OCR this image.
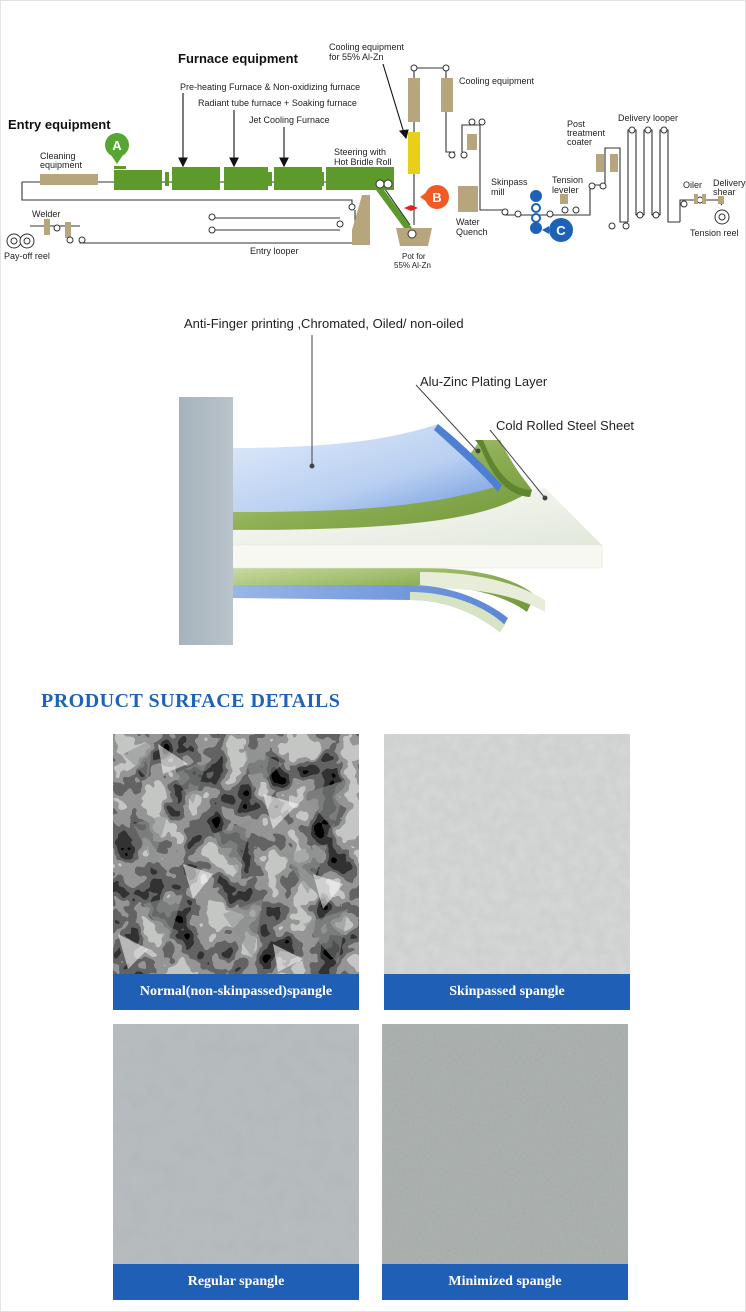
A
B
C
Entry equipment
Furnace equipment
Cleaning
equipment
Welder
Pay-off reel	Entry looper
Pre-heating Furnace & Non-oxidizing furnace
Radiant tube furnace + Soaking furnace
Jet Cooling Furnace
Steering with
Hot Bridle Roll
Cooling equipment
for 55% Al-Zn
Pot for
55% Al-Zn
Cooling equipment
Water
Quench
Skinpass
mill
Tension
leveler
Post
treatment
coater
Delivery looper
Oiler Delivery
shear
Tension reel
Anti-Finger printing ,Chromated, Oiled/ non-oiled
Alu-Zinc Plating Layer
Cold Rolled Steel Sheet
PRODUCT SURFACE DETAILS
Normal(non-skinpassed)spangle	Skinpassed spangle
Regular spangle	Minimized spangle
